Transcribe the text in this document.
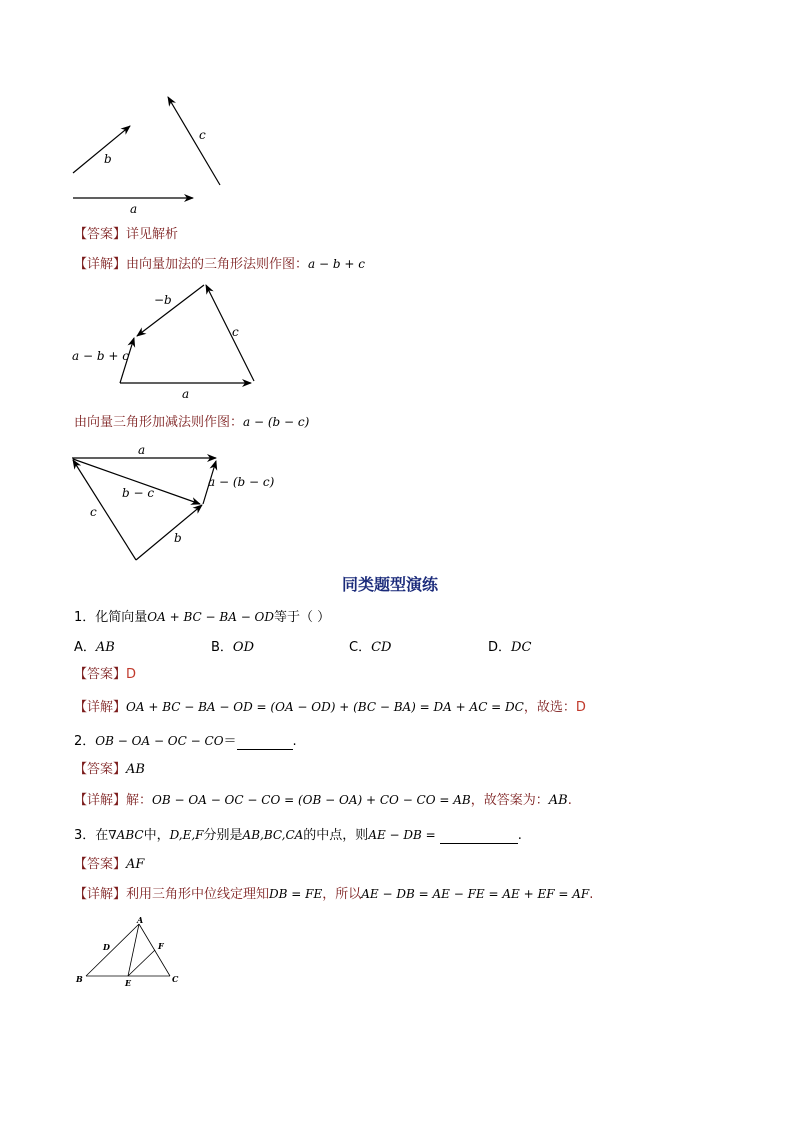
b
c
a
【答案】详见解析
【详解】由向量加法的三角形法则作图：a − b + c
−b
c
a − b + c
a
由向量三角形加减法则作图：a − (b − c)
a
b − c
a − (b − c)
c
b
同类题型演练
1．化简向量OA + BC − BA − OD等于（ ）
A．AB	B．OD	C．CD	D．DC
【答案】D
【详解】OA + BC − BA − OD = (OA − OD) + (BC − BA) = DA + AC = DC，故选：D
2．OB − OA − OC − CO＝	.
【答案】AB
【详解】解：OB − OA − OC − CO = (OB − OA) + CO − CO = AB，故答案为：AB.
3．在∇ABC中，D,E,F分别是AB,BC,CA的中点，则AE − DB =	.
【答案】AF
【详解】利用三角形中位线定理知DB = FE，所以AE − DB = AE − FE = AE + EF = AF.
A
B	C
D
E
F
